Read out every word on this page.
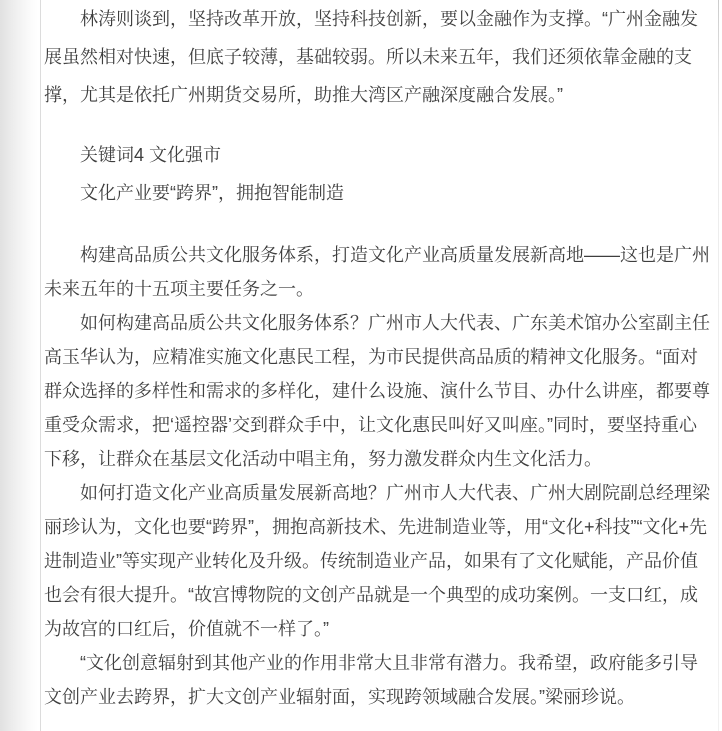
林涛则谈到，坚持改革开放，坚持科技创新，要以金融作为支撑。“广州金融发展虽然相对快速，但底子较薄，基础较弱。所以未来五年，我们还须依靠金融的支撑，尤其是依托广州期货交易所，助推大湾区产融深度融合发展。”

关键词4 文化强市

文化产业要“跨界”，拥抱智能制造

构建高品质公共文化服务体系，打造文化产业高质量发展新高地——这也是广州未来五年的十五项主要任务之一。

如何构建高品质公共文化服务体系？广州市人大代表、广东美术馆办公室副主任高玉华认为，应精准实施文化惠民工程，为市民提供高品质的精神文化服务。“面对群众选择的多样性和需求的多样化，建什么设施、演什么节目、办什么讲座，都要尊重受众需求，把‘遥控器’交到群众手中，让文化惠民叫好又叫座。”同时，要坚持重心下移，让群众在基层文化活动中唱主角，努力激发群众内生文化活力。

如何打造文化产业高质量发展新高地？广州市人大代表、广州大剧院副总经理梁丽珍认为，文化也要“跨界”，拥抱高新技术、先进制造业等，用“文化+科技”“文化+先进制造业”等实现产业转化及升级。传统制造业产品，如果有了文化赋能，产品价值也会有很大提升。“故宫博物院的文创产品就是一个典型的成功案例。一支口红，成为故宫的口红后，价值就不一样了。”

“文化创意辐射到其他产业的作用非常大且非常有潜力。我希望，政府能多引导文创产业去跨界，扩大文创产业辐射面，实现跨领域融合发展。”梁丽珍说。
